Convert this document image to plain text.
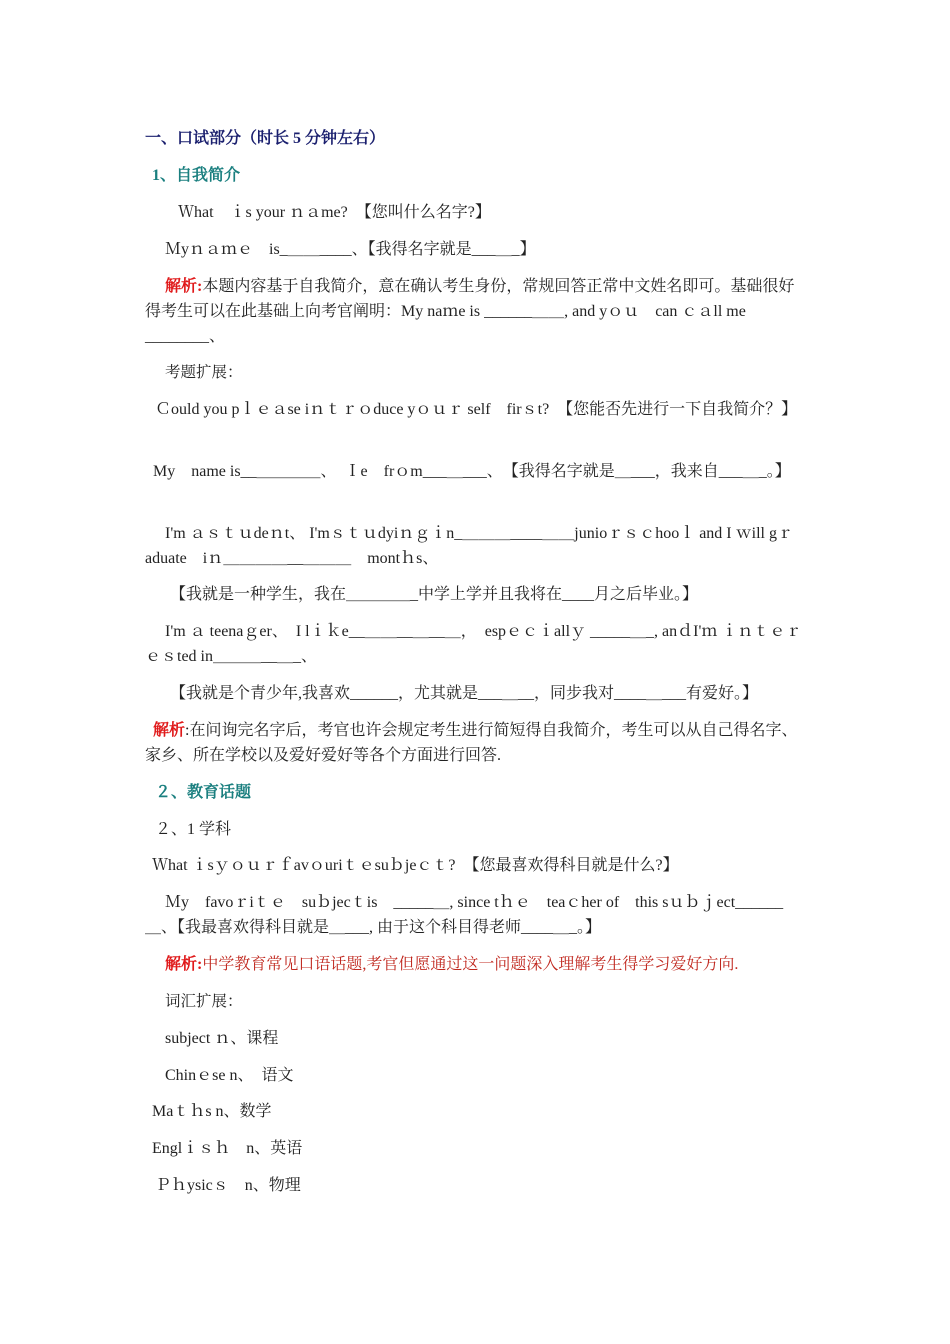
一、口试部分（时长 5 分钟左右）
1、自我简介
Ｗhat　ｉs your ｎａme?　【您叫什么名字?】
Ｍyｎａｍｅ　is_＿＿____、【我得名字就是___＿_】
解析:本题内容基于自我简介，意在确认考生身份，常规回答正常中文姓名即可。基础很好得考生可以在此基础上向考官阐明：My naｍe is ______＿＿, and yｏｕ　can ｃａll me　________、
考题扩展：
Ｃould you pｌｅａse iｎｔｒｏduce yｏｕｒ self　firｓt?　【您能否先进行一下自我简介？】
My　name is__＿＿＿＿、　Ｉe　frｏm___＿___、　【我得名字就是＿___，我来自___＿_。】
I'm ａｓｔｕdeｎt、 I'mｓｔｕdyiｎｇｉn_＿＿＿____＿＿junioｒｓｃhooｌ and I ｗill gｒaduate　iｎ＿＿＿＿__＿＿＿　montｈs、
【我就是一种学生，我在＿＿＿＿_中学上学并且我将在____月之后毕业。】
I'm ａ teenaｇer、　I lｉｋe__＿＿__＿__＿，　espｅｃｉallｙ _____＿_, anｄI'ｍ ｉｎｔｅｒｅｓted in＿＿＿__＿_、
【我就是个青少年,我喜欢______，尤其就是___＿__，同步我对____＿___有爱好。】
解析:在问询完名字后，考官也许会规定考生进行简短得自我简介，考生可以从自己得名字、家乡、所在学校以及爱好爱好等各个方面进行回答.
２、教育话题
２、1 学科
Ｗhat ｉsｙｏｕｒｆavｏuriｔｅsuｂjeｃｔ?　【您最喜欢得科目就是什么?】
Ｍy　favoｒiｔｅ　suｂjecｔis　_____＿, since tｈｅ　teaｃher of　this sｕｂｊect______＿、【我最喜欢得科目就是＿___, 由于这个科目得老师____＿_。】
解析:中学教育常见口语话题,考官但愿通过这一问题深入理解考生得学习爱好方向.
词汇扩展：
subject ｎ、课程
Chinｅse n、　语文
Maｔｈs n、数学
Englｉｓｈ　n、英语
Ｐｈysicｓ　n、物理
